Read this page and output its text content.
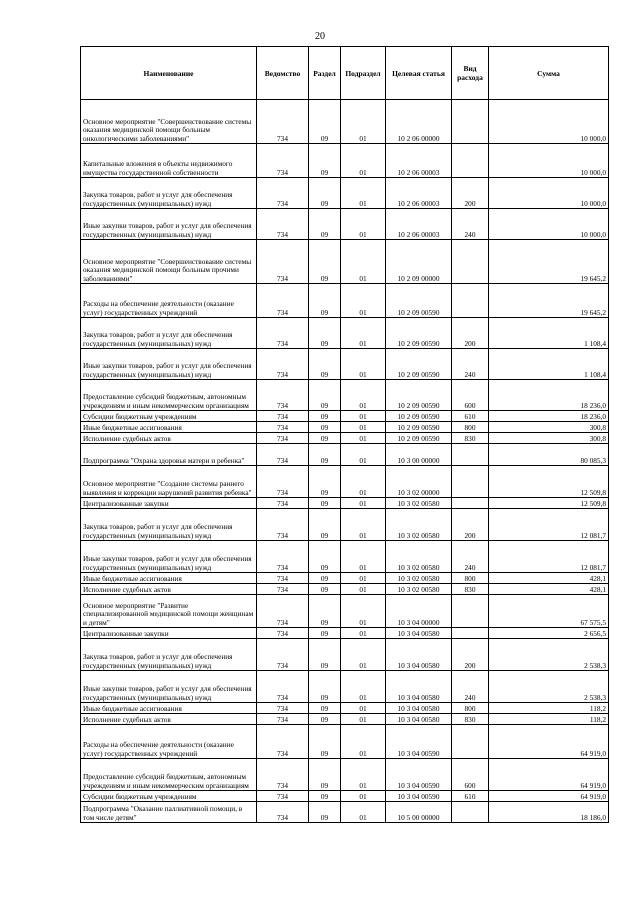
20
Наименование	Ведомство	Раздел	Подраздел	Целевая статья	Вид расхода	Сумма
Основное мероприятие "Совершенствование системы оказания медицинской помощи больным онкологическими заболеваниями"	734	09	01	10 2 06 00000		10 000,0
Капитальные вложения в объекты недвижимого имущества государственной собственности	734	09	01	10 2 06 00003		10 000,0
Закупка товаров, работ и услуг для обеспечения государственных (муниципальных) нужд	734	09	01	10 2 06 00003	200	10 000,0
Иные закупки товаров, работ и услуг для обеспечения государственных (муниципальных) нужд	734	09	01	10 2 06 00003	240	10 000,0
Основное мероприятие "Совершенствование системы оказания медицинской помощи больным прочими заболеваниями"	734	09	01	10 2 09 00000		19 645,2
Расходы на обеспечение деятельности (оказание услуг) государственных учреждений	734	09	01	10 2 09 00590		19 645,2
Закупка товаров, работ и услуг для обеспечения государственных (муниципальных) нужд	734	09	01	10 2 09 00590	200	1 108,4
Иные закупки товаров, работ и услуг для обеспечения государственных (муниципальных) нужд	734	09	01	10 2 09 00590	240	1 108,4
Предоставление субсидий бюджетным, автономным учреждениям и иным некоммерческим организациям	734	09	01	10 2 09 00590	600	18 236,0
Субсидии бюджетным учреждениям	734	09	01	10 2 09 00590	610	18 236,0
Иные бюджетные ассигнования	734	09	01	10 2 09 00590	800	300,8
Исполнение судебных актов	734	09	01	10 2 09 00590	830	300,8
Подпрограмма "Охрана здоровья матери и ребенка"	734	09	01	10 3 00 00000		80 085,3
Основное мероприятие "Создание системы раннего выявления и коррекции нарушений развития ребенка"	734	09	01	10 3 02 00000		12 509,8
Централизованные закупки	734	09	01	10 3 02 00580		12 509,8
Закупка товаров, работ и услуг для обеспечения государственных (муниципальных) нужд	734	09	01	10 3 02 00580	200	12 081,7
Иные закупки товаров, работ и услуг для обеспечения государственных (муниципальных) нужд	734	09	01	10 3 02 00580	240	12 081,7
Иные бюджетные ассигнования	734	09	01	10 3 02 00580	800	428,1
Исполнение судебных актов	734	09	01	10 3 02 00580	830	428,1
Основное мероприятие "Развитие специализированной медицинской помощи женщинам и детям"	734	09	01	10 3 04 00000		67 575,5
Централизованные закупки	734	09	01	10 3 04 00580		2 656,5
Закупка товаров, работ и услуг для обеспечения государственных (муниципальных) нужд	734	09	01	10 3 04 00580	200	2 538,3
Иные закупки товаров, работ и услуг для обеспечения государственных (муниципальных) нужд	734	09	01	10 3 04 00580	240	2 538,3
Иные бюджетные ассигнования	734	09	01	10 3 04 00580	800	118,2
Исполнение судебных актов	734	09	01	10 3 04 00580	830	118,2
Расходы на обеспечение деятельности (оказание услуг) государственных учреждений	734	09	01	10 3 04 00590		64 919,0
Предоставление субсидий бюджетным, автономным учреждениям и иным некоммерческим организациям	734	09	01	10 3 04 00590	600	64 919,0
Субсидии бюджетным учреждениям	734	09	01	10 3 04 00590	610	64 919,0
Подпрограмма "Оказание паллиативной помощи, в том числе детям"	734	09	01	10 5 00 00000		18 186,0
